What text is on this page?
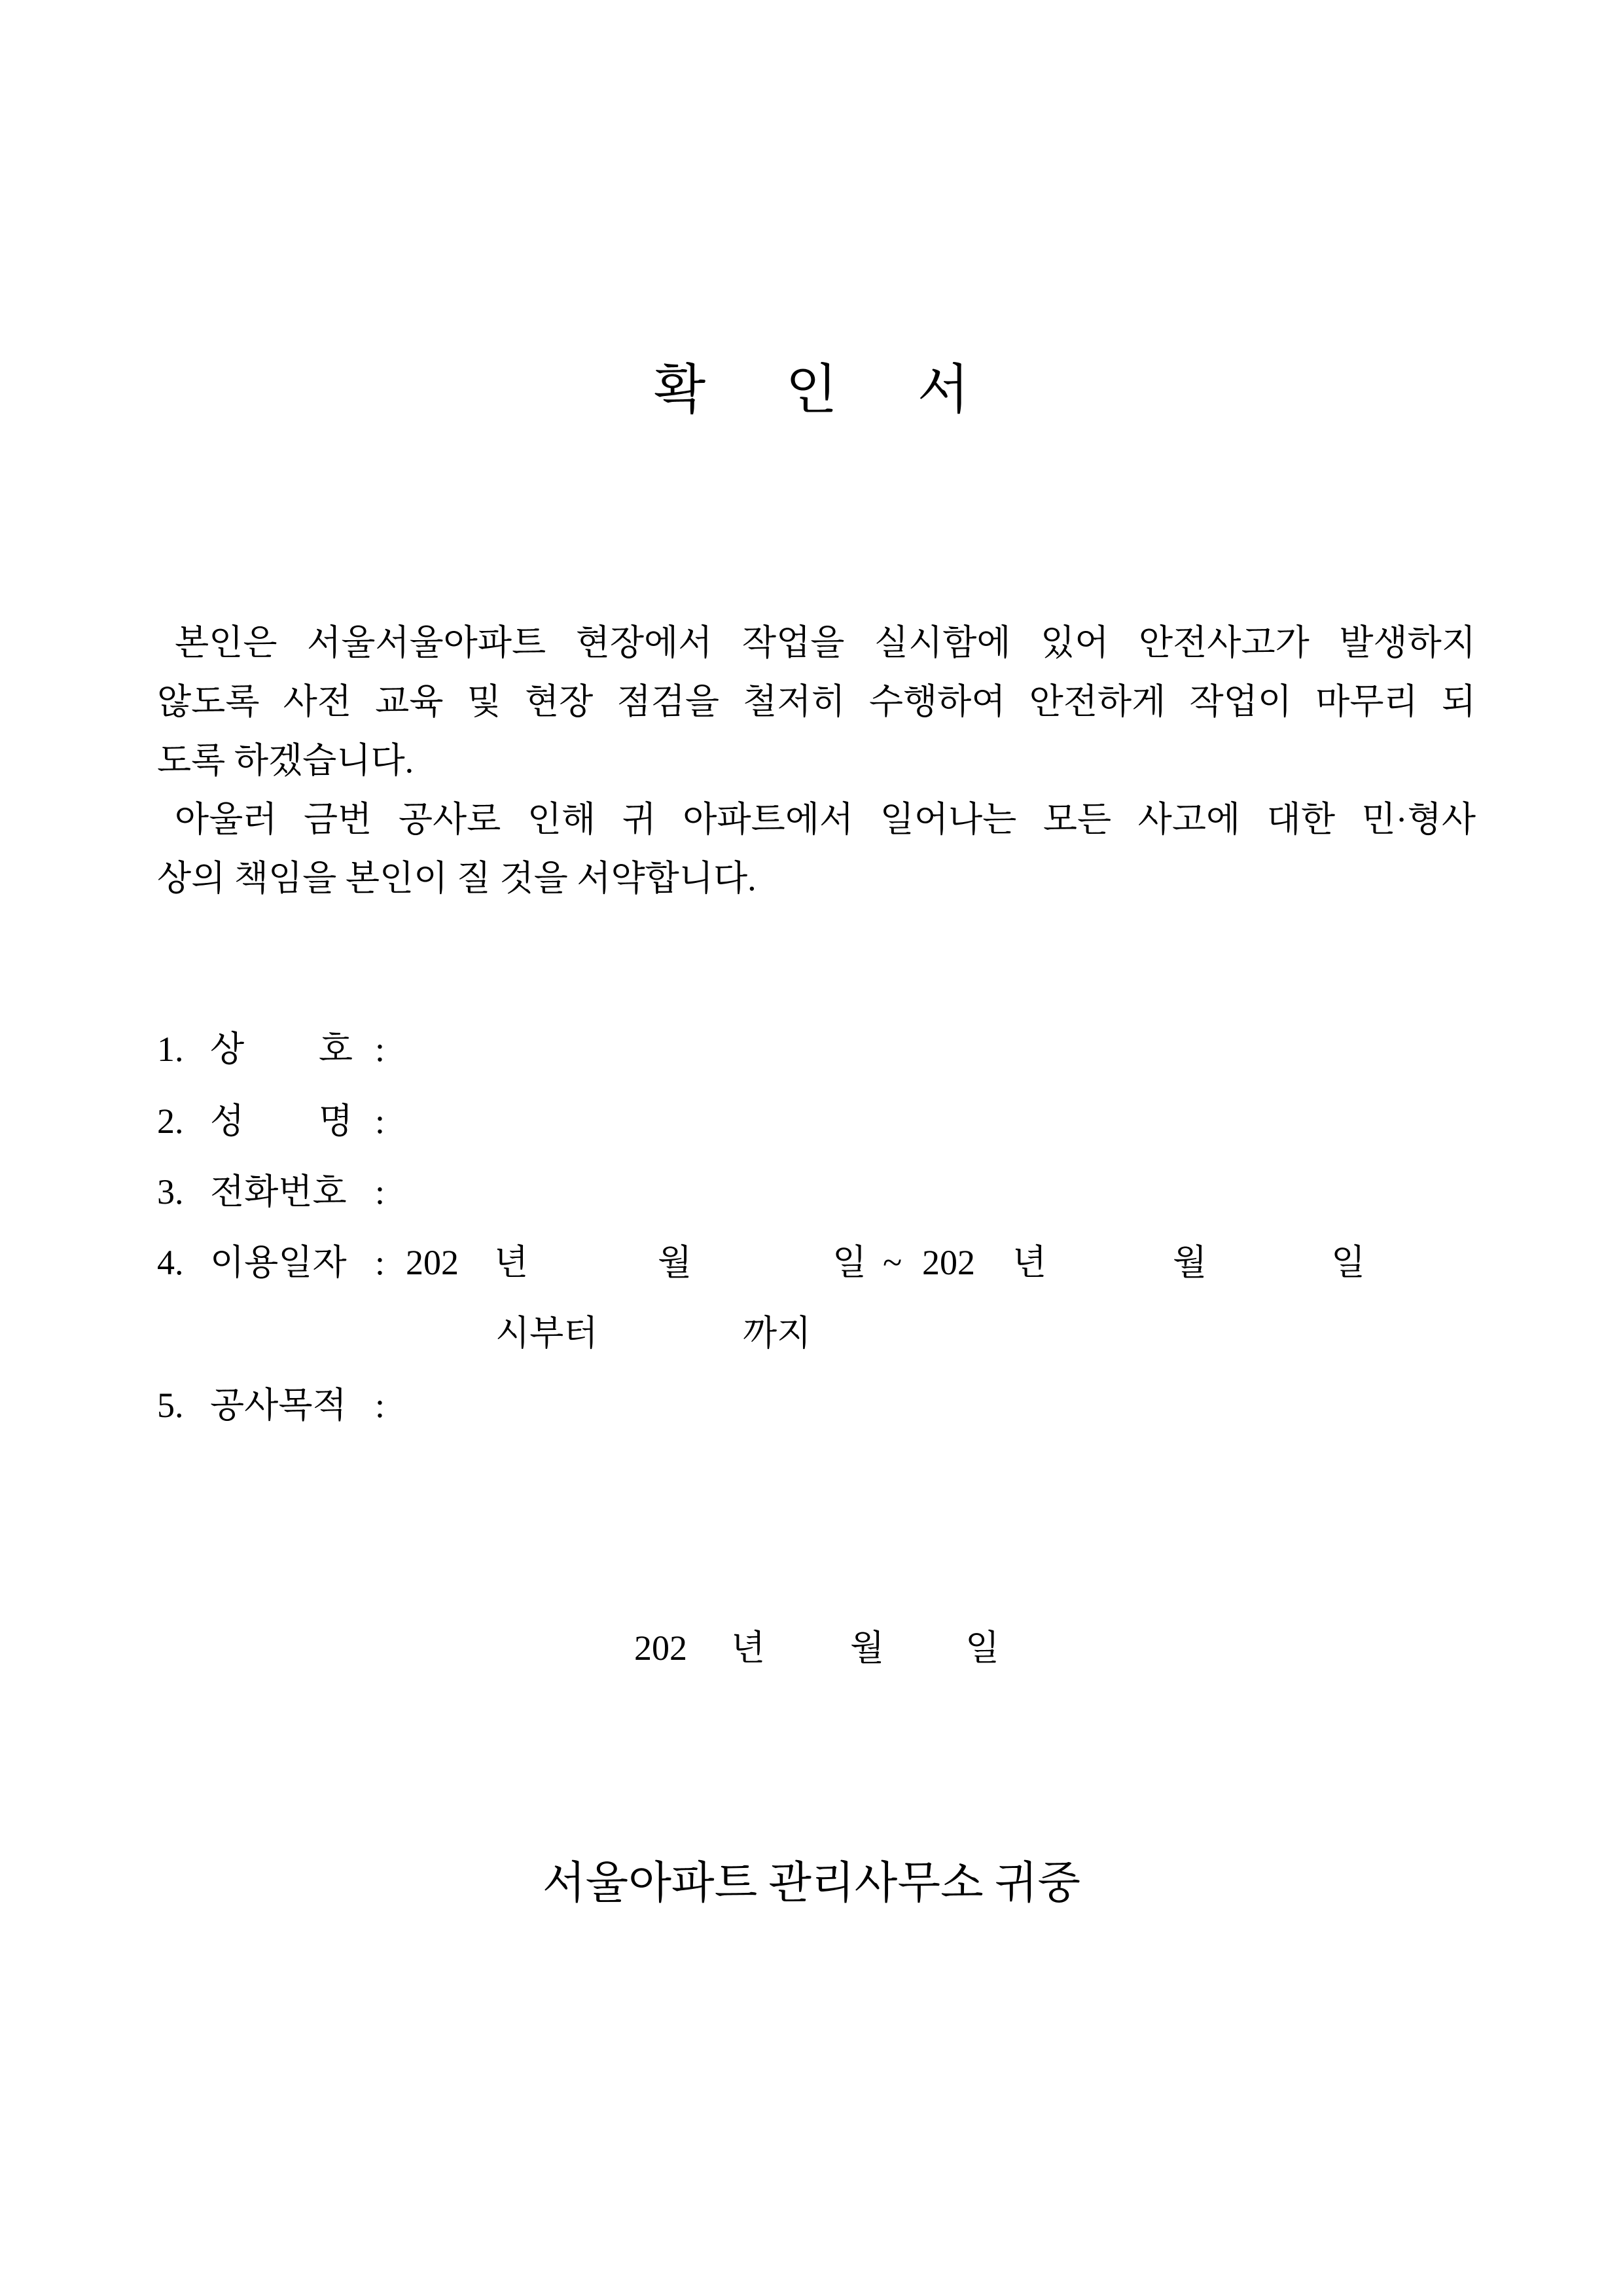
확 인 서
본인은 서울서울아파트 현장에서 작업을 실시함에 있어 안전사고가 발생하지
않도록 사전 교육 및 현장 점검을 철저히 수행하여 안전하게 작업이 마무리 되
도록 하겠습니다.
아울러 금번 공사로 인해 귀 아파트에서 일어나는 모든 사고에 대한 민·형사
상의 책임을 본인이 질 것을 서약합니다.
1. 상 호 :
2. 성 명 :
3. 전화번호 :
4. 이용일자 : 202 년	월	일 ~ 202 년	월	일
시부터	까지
5. 공사목적 :
202 년 월 일
서울아파트 관리사무소 귀중
